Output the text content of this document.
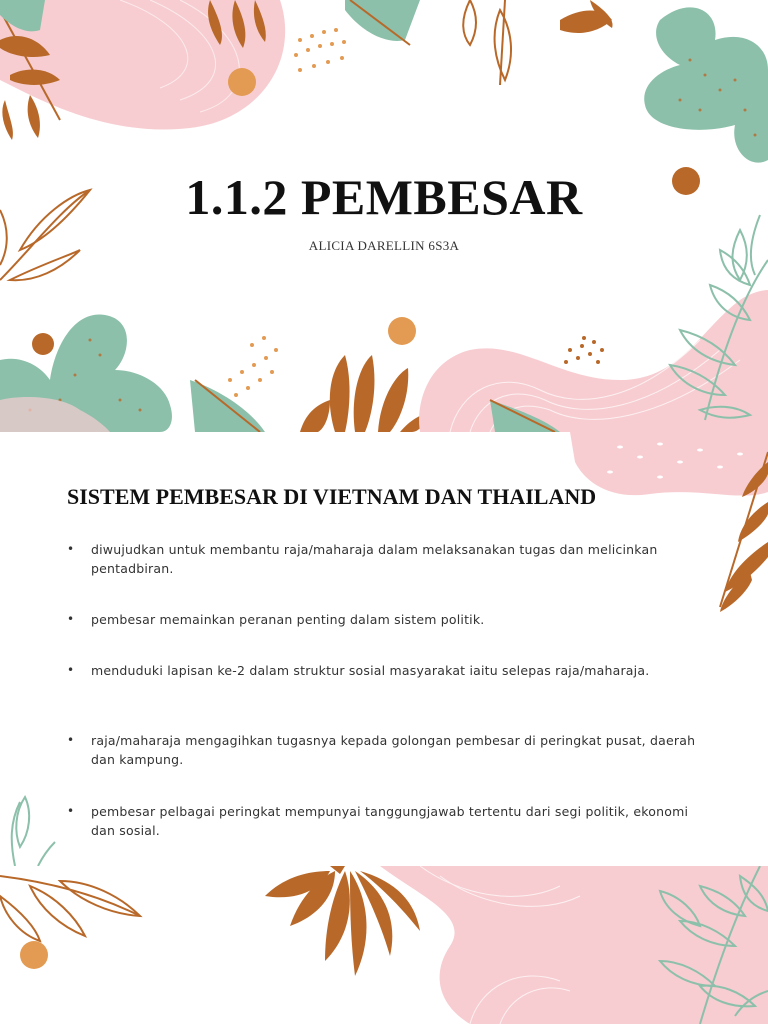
1.1.2 PEMBESAR

ALICIA DARELLIN 6S3A

SISTEM PEMBESAR DI VIETNAM DAN THAILAND
• diwujudkan untuk membantu raja/maharaja dalam melaksanakan tugas dan melicinkan pentadbiran.
• pembesar memainkan peranan penting dalam sistem politik.
• menduduki lapisan ke-2 dalam struktur sosial masyarakat iaitu selepas raja/maharaja.
• raja/maharaja mengagihkan tugasnya kepada golongan pembesar di peringkat pusat, daerah dan kampung.
• pembesar pelbagai peringkat mempunyai tanggungjawab tertentu dari segi politik, ekonomi dan sosial.
